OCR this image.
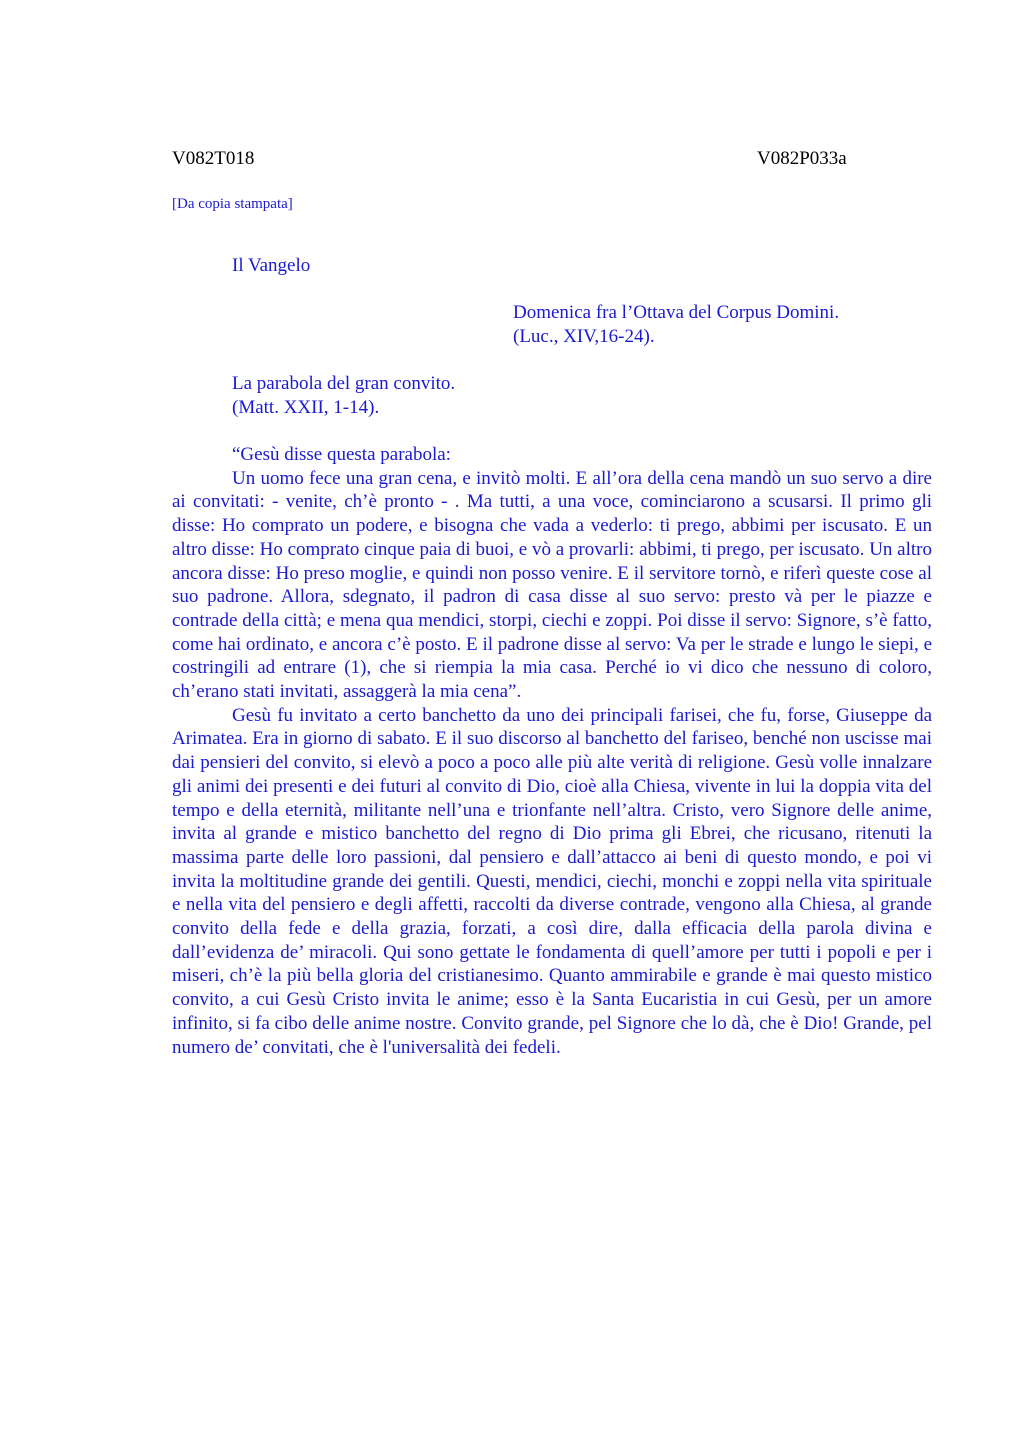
V082T018	V082P033a
[Da copia stampata]
Il Vangelo
Domenica fra l’Ottava del Corpus Domini.
(Luc., XIV,16-24).
La parabola del gran convito.
(Matt. XXII, 1-14).

“Gesù disse questa parabola:

Un uomo fece una gran cena, e invitò molti. E all’ora della cena mandò un suo servo a dire ai convitati: - venite, ch’è pronto - . Ma tutti, a una voce, cominciarono a scusarsi. Il primo gli disse: Ho comprato un podere, e bisogna che vada a vederlo: ti prego, abbimi per iscusato. E un altro disse: Ho comprato cinque paia di buoi, e vò a provarli: abbimi, ti prego, per iscusato. Un altro ancora disse: Ho preso moglie, e quindi non posso venire. E il servitore tornò, e riferì queste cose al suo padrone. Allora, sdegnato, il padron di casa disse al suo servo: presto và per le piazze e contrade della città; e mena qua mendici, storpi, ciechi e zoppi. Poi disse il servo: Signore, s’è fatto, come hai ordinato, e ancora c’è posto. E il padrone disse al servo: Va per le strade e lungo le siepi, e costringili ad entrare (1), che si riempia la mia casa. Perché io vi dico che nessuno di coloro, ch’erano stati invitati, assaggerà la mia cena”.

Gesù fu invitato a certo banchetto da uno dei principali farisei, che fu, forse, Giuseppe da Arimatea. Era in giorno di sabato. E il suo discorso al banchetto del fariseo, benché non uscisse mai dai pensieri del convito, si elevò a poco a poco alle più alte verità di religione. Gesù volle innalzare gli animi dei presenti e dei futuri al convito di Dio, cioè alla Chiesa, vivente in lui la doppia vita del tempo e della eternità, militante nell’una e trionfante nell’altra. Cristo, vero Signore delle anime, invita al grande e mistico banchetto del regno di Dio prima gli Ebrei, che ricusano, ritenuti la massima parte delle loro passioni, dal pensiero e dall’attacco ai beni di questo mondo, e poi vi invita la moltitudine grande dei gentili. Questi, mendici, ciechi, monchi e zoppi nella vita spirituale e nella vita del pensiero e degli affetti, raccolti da diverse contrade, vengono alla Chiesa, al grande convito della fede e della grazia, forzati, a così dire, dalla efficacia della parola divina e dall’evidenza de’ miracoli. Qui sono gettate le fondamenta di quell’amore per tutti i popoli e per i miseri, ch’è la più bella gloria del cristianesimo. Quanto ammirabile e grande è mai questo mistico convito, a cui Gesù Cristo invita le anime; esso è la Santa Eucaristia in cui Gesù, per un amore infinito, si fa cibo delle anime nostre. Convito grande, pel Signore che lo dà, che è Dio! Grande, pel numero de’ convitati, che è l'universalità dei fedeli.
